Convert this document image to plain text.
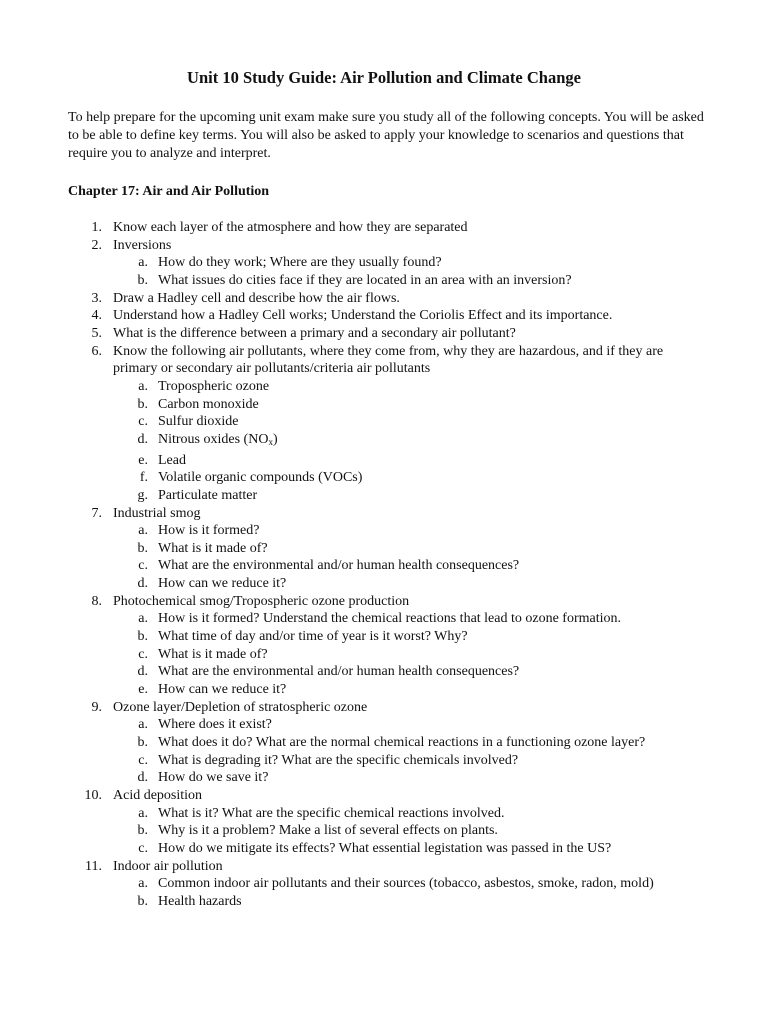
Unit 10 Study Guide: Air Pollution and Climate Change

To help prepare for the upcoming unit exam make sure you study all of the following concepts. You will be asked to be able to define key terms. You will also be asked to apply your knowledge to scenarios and questions that require you to analyze and interpret.

Chapter 17: Air and Air Pollution
1. Know each layer of the atmosphere and how they are separated
2. Inversions
a. How do they work; Where are they usually found?
b. What issues do cities face if they are located in an area with an inversion?
3. Draw a Hadley cell and describe how the air flows.
4. Understand how a Hadley Cell works; Understand the Coriolis Effect and its importance.
5. What is the difference between a primary and a secondary air pollutant?
6. Know the following air pollutants, where they come from, why they are hazardous, and if they are primary or secondary air pollutants/criteria air pollutants
a. Tropospheric ozone
b. Carbon monoxide
c. Sulfur dioxide
d. Nitrous oxides $(NO_x)$
e. Lead
f. Volatile organic compounds (VOCs)
g. Particulate matter
7. Industrial smog
a. How is it formed?
b. What is it made of?
c. What are the environmental and/or human health consequences?
d. How can we reduce it?
8. Photochemical smog/Tropospheric ozone production
a. How is it formed? Understand the chemical reactions that lead to ozone formation.
b. What time of day and/or time of year is it worst? Why?
c. What is it made of?
d. What are the environmental and/or human health consequences?
e. How can we reduce it?
9. Ozone layer/Depletion of stratospheric ozone
a. Where does it exist?
b. What does it do? What are the normal chemical reactions in a functioning ozone layer?
c. What is degrading it? What are the specific chemicals involved?
d. How do we save it?
10. Acid deposition
a. What is it? What are the specific chemical reactions involved.
b. Why is it a problem? Make a list of several effects on plants.
c. How do we mitigate its effects? What essential legistation was passed in the US?
11. Indoor air pollution
a. Common indoor air pollutants and their sources (tobacco, asbestos, smoke, radon, mold)
b. Health hazards
